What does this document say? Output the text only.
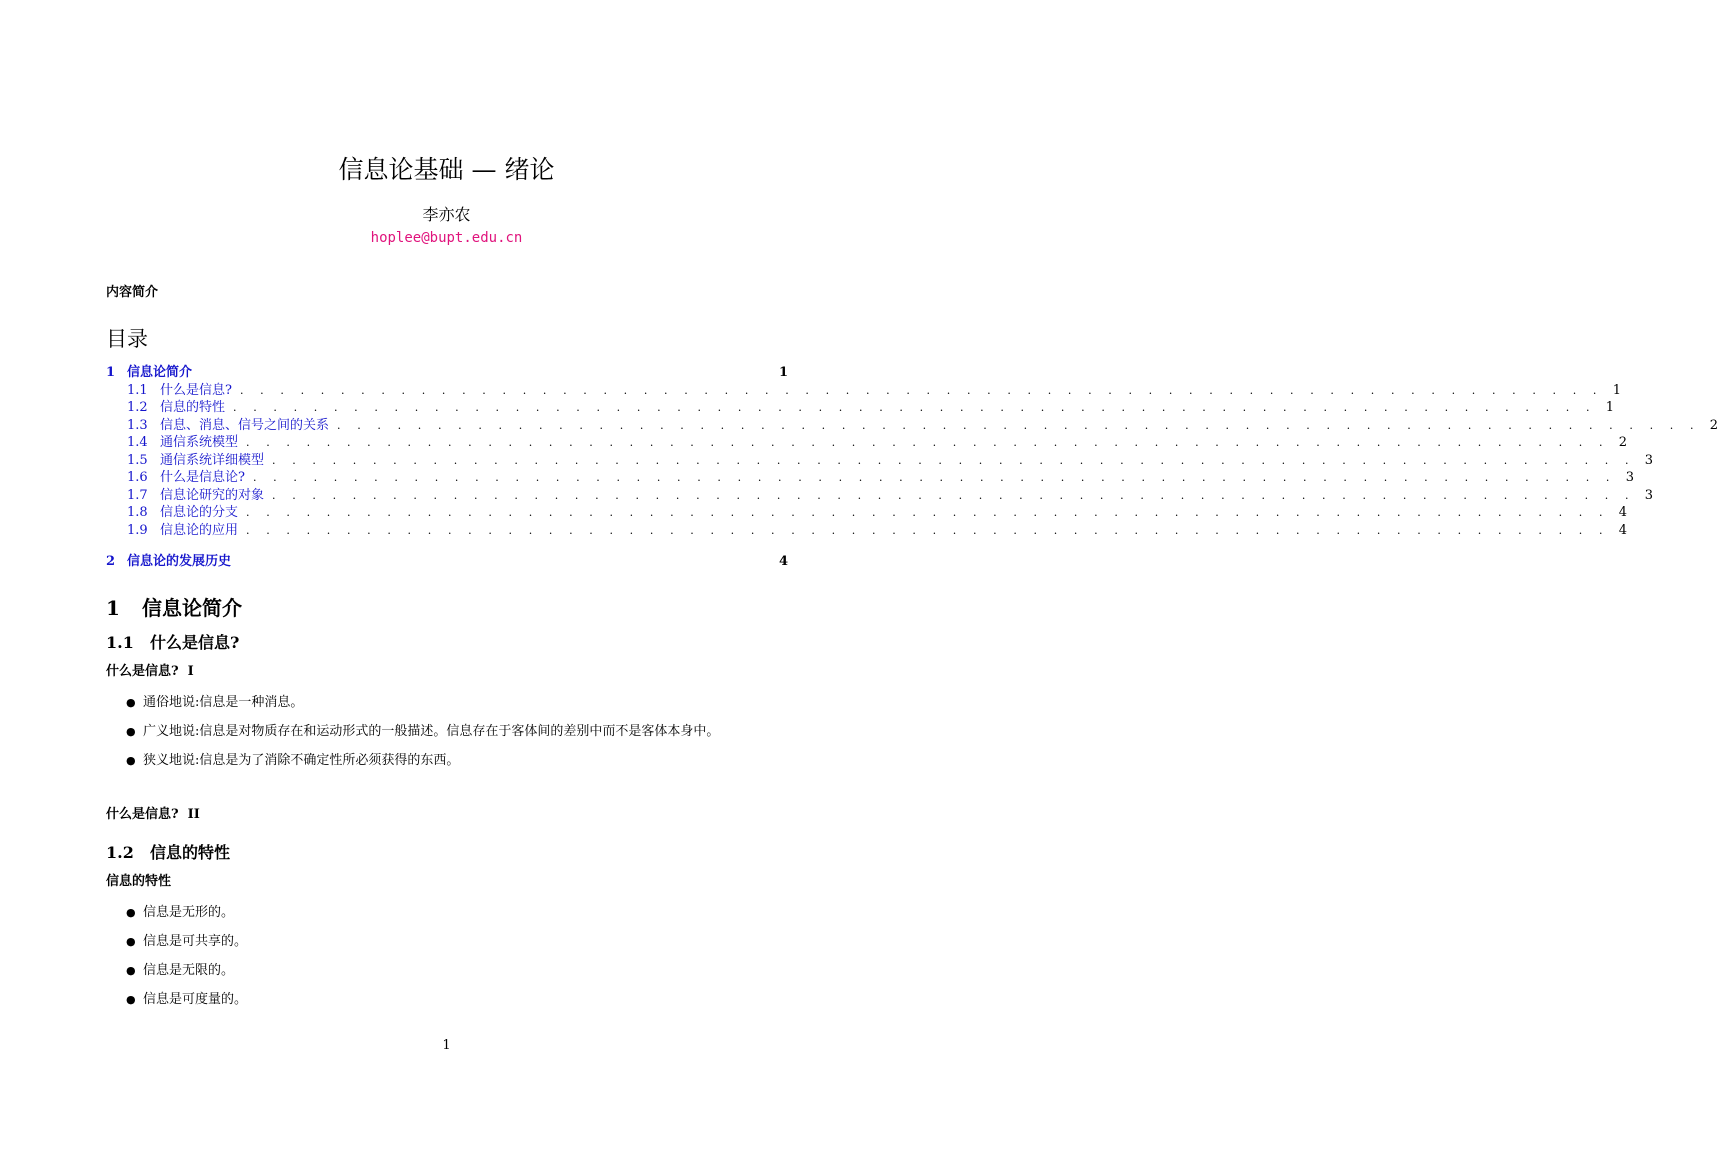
信息论基础 — 绪论
李亦农
hoplee@bupt.edu.cn
内容简介
目录
1 信息论简介	1
1.1 什么是信息? . . . . . . . . . . . . . . . . . . . . . . . . . . . . . . . . . . . . . . . . . . . . . . . . . . . . . . . . . . . . . . . . . . . . 1
1.2 信息的特性 . . . . . . . . . . . . . . . . . . . . . . . . . . . . . . . . . . . . . . . . . . . . . . . . . . . . . . . . . . . . . . . . . . . . 1
1.3 信息、消息、信号之间的关系 . . . . . . . . . . . . . . . . . . . . . . . . . . . . . . . . . . . . . . . . . . . . . . . . . . . . . . . . . . . . . . . . . . . . 2
1.4 通信系统模型 . . . . . . . . . . . . . . . . . . . . . . . . . . . . . . . . . . . . . . . . . . . . . . . . . . . . . . . . . . . . . . . . . . . . 2
1.5 通信系统详细模型 . . . . . . . . . . . . . . . . . . . . . . . . . . . . . . . . . . . . . . . . . . . . . . . . . . . . . . . . . . . . . . . . . . . . 3
1.6 什么是信息论? . . . . . . . . . . . . . . . . . . . . . . . . . . . . . . . . . . . . . . . . . . . . . . . . . . . . . . . . . . . . . . . . . . . . 3
1.7 信息论研究的对象 . . . . . . . . . . . . . . . . . . . . . . . . . . . . . . . . . . . . . . . . . . . . . . . . . . . . . . . . . . . . . . . . . . . . 3
1.8 信息论的分支 . . . . . . . . . . . . . . . . . . . . . . . . . . . . . . . . . . . . . . . . . . . . . . . . . . . . . . . . . . . . . . . . . . . . 4
1.9 信息论的应用 . . . . . . . . . . . . . . . . . . . . . . . . . . . . . . . . . . . . . . . . . . . . . . . . . . . . . . . . . . . . . . . . . . . . 4
2 信息论的发展历史	4
1 信息论简介
1.1 什么是信息?
什么是信息? I
● 通俗地说:信息是一种消息。
● 广义地说:信息是对物质存在和运动形式的一般描述。信息存在于客体间的差别中而不是客体本身中。
● 狭义地说:信息是为了消除不确定性所必须获得的东西。
什么是信息? II
1.2 信息的特性
信息的特性
● 信息是无形的。
● 信息是可共享的。
● 信息是无限的。
● 信息是可度量的。
1
